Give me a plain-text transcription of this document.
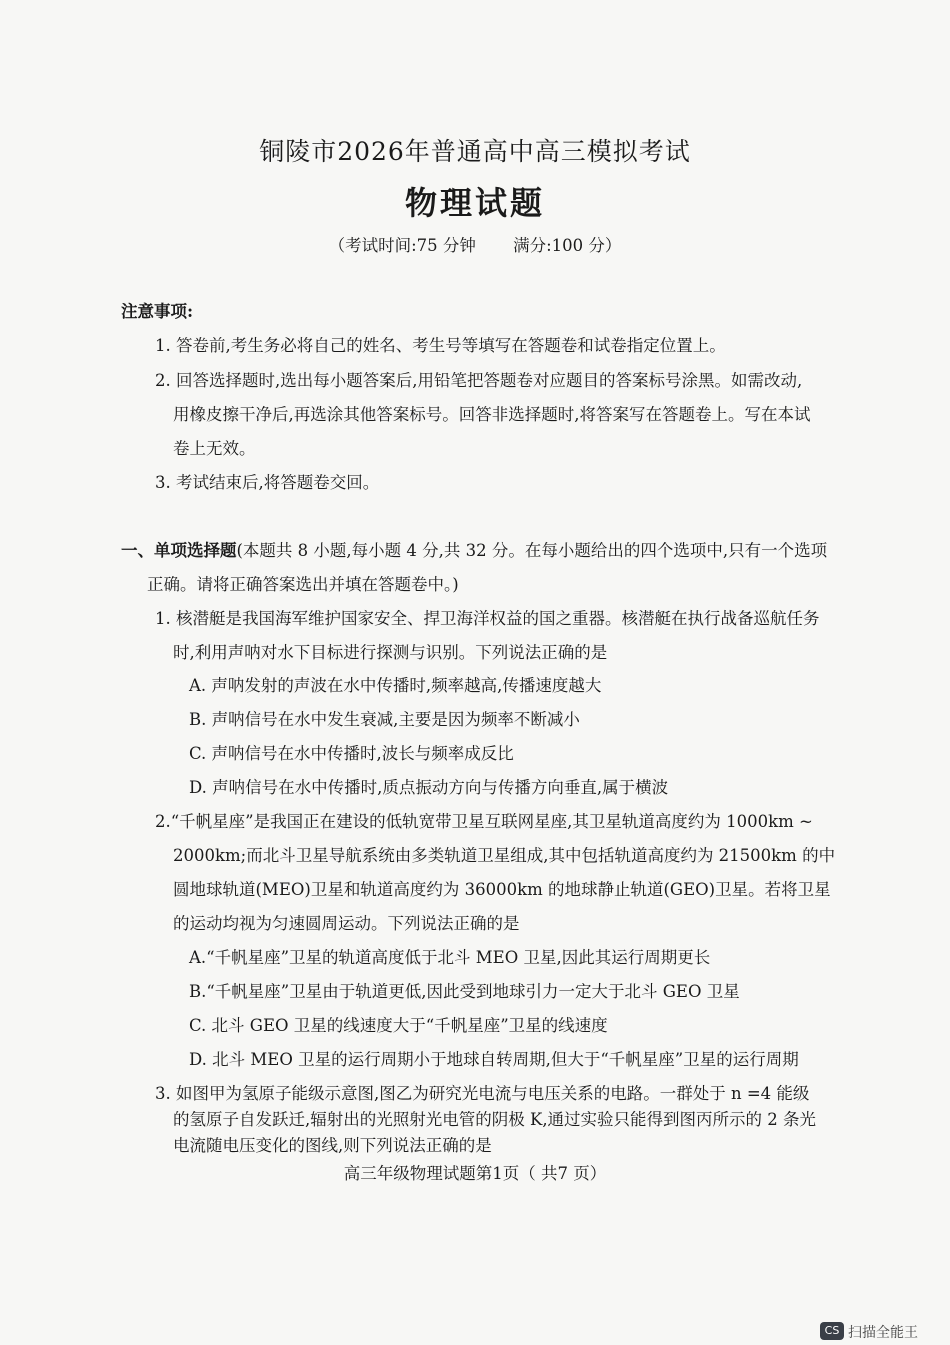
铜陵市2026年普通高中高三模拟考试
物理试题
（考试时间:75 分钟 满分:100 分）
注意事项:
1. 答卷前,考生务必将自己的姓名、考生号等填写在答题卷和试卷指定位置上。
2. 回答选择题时,选出每小题答案后,用铅笔把答题卷对应题目的答案标号涂黑。如需改动,
用橡皮擦干净后,再选涂其他答案标号。回答非选择题时,将答案写在答题卷上。写在本试
卷上无效。
3. 考试结束后,将答题卷交回。
一、单项选择题(本题共 8 小题,每小题 4 分,共 32 分。在每小题给出的四个选项中,只有一个选项
正确。请将正确答案选出并填在答题卷中。)
1. 核潜艇是我国海军维护国家安全、捍卫海洋权益的国之重器。核潜艇在执行战备巡航任务
时,利用声呐对水下目标进行探测与识别。下列说法正确的是
A. 声呐发射的声波在水中传播时,频率越高,传播速度越大
B. 声呐信号在水中发生衰减,主要是因为频率不断减小
C. 声呐信号在水中传播时,波长与频率成反比
D. 声呐信号在水中传播时,质点振动方向与传播方向垂直,属于横波
2.“千帆星座”是我国正在建设的低轨宽带卫星互联网星座,其卫星轨道高度约为 1000km ~
2000km;而北斗卫星导航系统由多类轨道卫星组成,其中包括轨道高度约为 21500km 的中
圆地球轨道(MEO)卫星和轨道高度约为 36000km 的地球静止轨道(GEO)卫星。若将卫星
的运动均视为匀速圆周运动。下列说法正确的是
A.“千帆星座”卫星的轨道高度低于北斗 MEO 卫星,因此其运行周期更长
B.“千帆星座”卫星由于轨道更低,因此受到地球引力一定大于北斗 GEO 卫星
C. 北斗 GEO 卫星的线速度大于“千帆星座”卫星的线速度
D. 北斗 MEO 卫星的运行周期小于地球自转周期,但大于“千帆星座”卫星的运行周期
3. 如图甲为氢原子能级示意图,图乙为研究光电流与电压关系的电路。一群处于 n =4 能级
的氢原子自发跃迁,辐射出的光照射光电管的阴极 K,通过实验只能得到图丙所示的 2 条光
电流随电压变化的图线,则下列说法正确的是
高三年级物理试题第1页（ 共7 页）
CS 扫描全能王
